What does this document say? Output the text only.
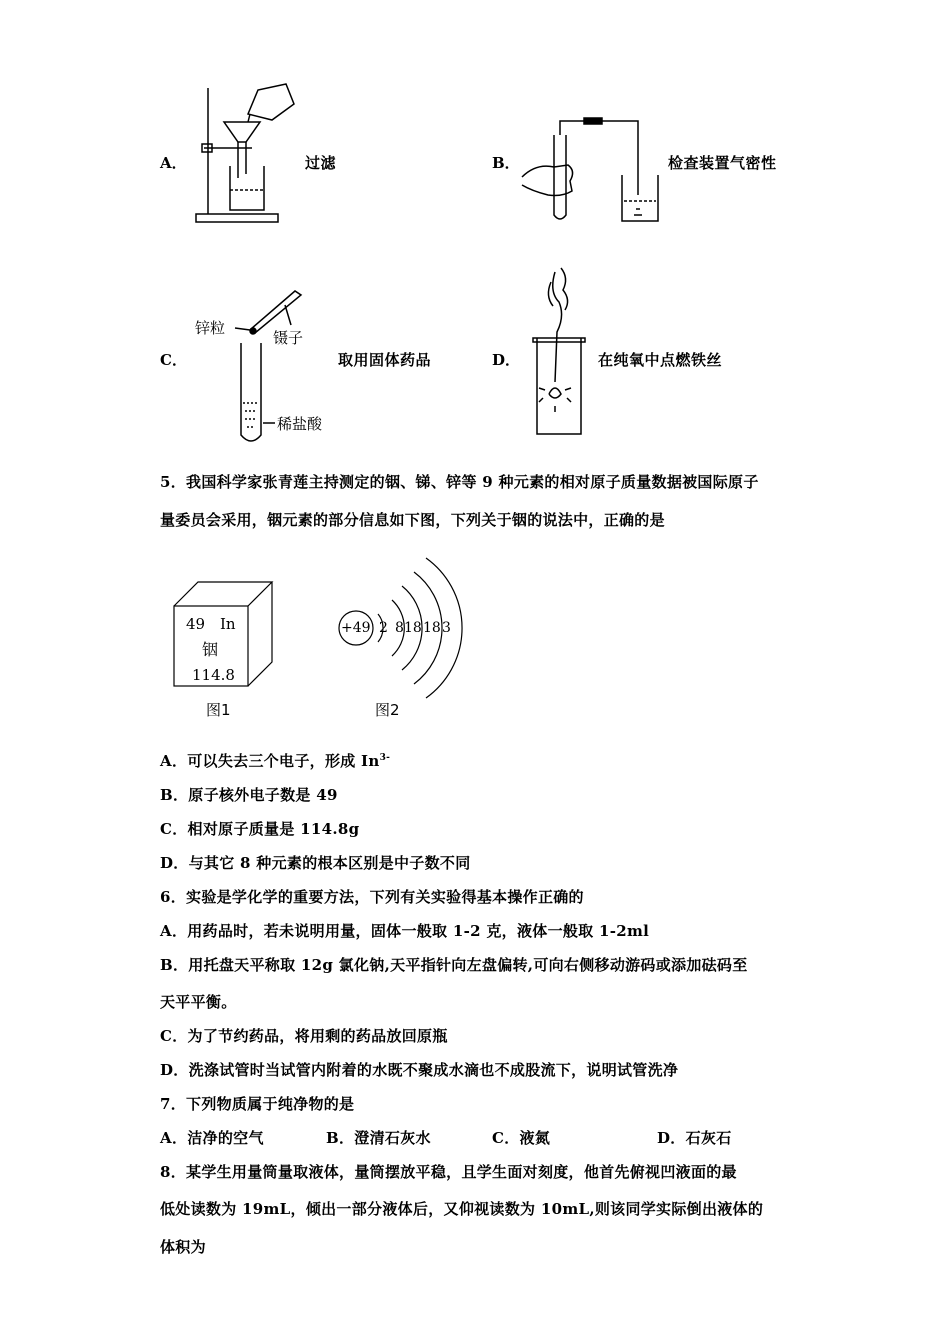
A．	过滤	B．	检查装置气密性
C．
锌粒
镊子
稀盐酸
取用固体药品	D．	在纯氧中点燃铁丝
5．我国科学家张青莲主持测定的铟、锑、锌等 9 种元素的相对原子质量数据被国际原子
量委员会采用，铟元素的部分信息如下图，下列关于铟的说法中，正确的是
49 In
铟
114.8
图1
+49 2 8 18 18 3
图2
A．可以失去三个电子，形成 $In^{3-}$
B．原子核外电子数是 49
C．相对原子质量是 114.8g
D．与其它 8 种元素的根本区别是中子数不同
6．实验是学化学的重要方法，下列有关实验得基本操作正确的
A．用药品时，若未说明用量，固体一般取 1-2 克，液体一般取 1-2ml
B．用托盘天平称取 12g 氯化钠,天平指针向左盘偏转,可向右侧移动游码或添加砝码至
天平平衡。
C．为了节约药品，将用剩的药品放回原瓶
D．洗涤试管时当试管内附着的水既不聚成水滴也不成股流下，说明试管洗净
7．下列物质属于纯净物的是
A．洁净的空气	B．澄清石灰水	C．液氮	D．石灰石
8．某学生用量筒量取液体，量筒摆放平稳，且学生面对刻度，他首先俯视凹液面的最
低处读数为 19mL，倾出一部分液体后，又仰视读数为 10mL,则该同学实际倒出液体的
体积为
